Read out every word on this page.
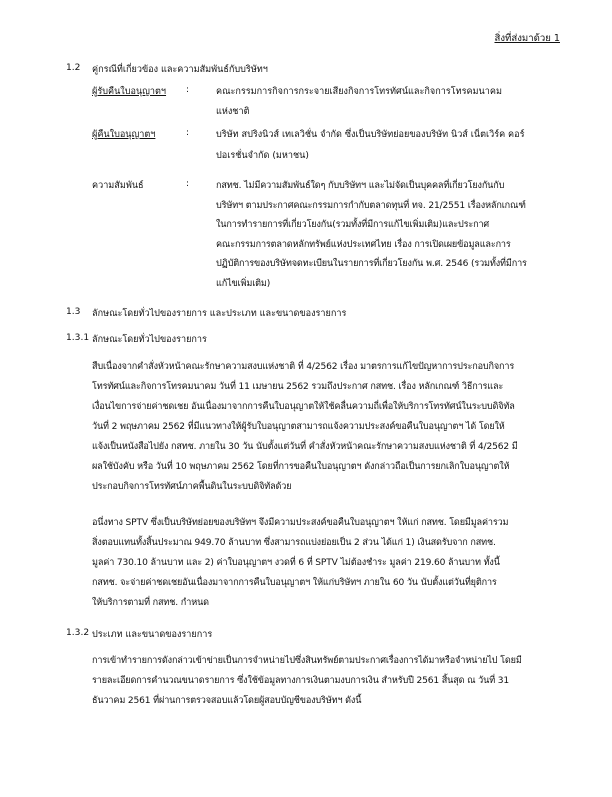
สิ่งที่ส่งมาด้วย 1
1.2 คู่กรณีที่เกี่ยวข้อง และความสัมพันธ์กับบริษัทฯ
ผู้รับคืนใบอนุญาตฯ :	คณะกรรมการกิจการกระจายเสียงกิจการโทรทัศน์และกิจการโทรคมนาคม
แห่งชาติ
ผู้คืนใบอนุญาตฯ	:	บริษัท สปริงนิวส์ เทเลวิชั่น จำกัด ซึ่งเป็นบริษัทย่อยของบริษัท นิวส์ เน็ตเวิร์ค คอร์
ปอเรชั่นจำกัด (มหาชน)
ความสัมพันธ์	:	กสทช. ไม่มีความสัมพันธ์ใดๆ กับบริษัทฯ และไม่จัดเป็นบุคคลที่เกี่ยวโยงกันกับ
บริษัทฯ ตามประกาศคณะกรรมการกำกับตลาดทุนที่ ทจ. 21/2551 เรื่องหลักเกณฑ์
ในการทำรายการที่เกี่ยวโยงกัน(รวมทั้งที่มีการแก้ไขเพิ่มเติม)และประกาศ
คณะกรรมการตลาดหลักทรัพย์แห่งประเทศไทย เรื่อง การเปิดเผยข้อมูลและการ
ปฏิบัติการของบริษัทจดทะเบียนในรายการที่เกี่ยวโยงกัน พ.ศ. 2546 (รวมทั้งที่มีการ
แก้ไขเพิ่มเติม)
1.3 ลักษณะโดยทั่วไปของรายการ และประเภท และขนาดของรายการ
1.3.1 ลักษณะโดยทั่วไปของรายการ
สืบเนื่องจากคำสั่งหัวหน้าคณะรักษาความสงบแห่งชาติ ที่ 4/2562 เรื่อง มาตรการแก้ไขปัญหาการประกอบกิจการ
โทรทัศน์และกิจการโทรคมนาคม วันที่ 11 เมษายน 2562 รวมถึงประกาศ กสทช. เรื่อง หลักเกณฑ์ วิธีการและ
เงื่อนไขการจ่ายค่าชดเชย อันเนื่องมาจากการคืนใบอนุญาตให้ใช้คลื่นความถี่เพื่อให้บริการโทรทัศน์ในระบบดิจิทัล
วันที่ 2 พฤษภาคม 2562 ที่มีแนวทางให้ผู้รับใบอนุญาตสามารถแจ้งความประสงค์ขอคืนใบอนุญาตฯ ได้ โดยให้
แจ้งเป็นหนังสือไปยัง กสทช. ภายใน 30 วัน นับตั้งแต่วันที่ คำสั่งหัวหน้าคณะรักษาความสงบแห่งชาติ ที่ 4/2562 มี
ผลใช้บังคับ หรือ วันที่ 10 พฤษภาคม 2562 โดยที่การขอคืนใบอนุญาตฯ ดังกล่าวถือเป็นการยกเลิกใบอนุญาตให้
ประกอบกิจการโทรทัศน์ภาคพื้นดินในระบบดิจิทัลด้วย
อนึ่งทาง SPTV ซึ่งเป็นบริษัทย่อยของบริษัทฯ จึงมีความประสงค์ขอคืนใบอนุญาตฯ ให้แก่ กสทช. โดยมีมูลค่ารวม
สิ่งตอบแทนทั้งสิ้นประมาณ 949.70 ล้านบาท ซึ่งสามารถแบ่งย่อยเป็น 2 ส่วน ได้แก่ 1) เงินสดรับจาก กสทช.
มูลค่า 730.10 ล้านบาท และ 2) ค่าใบอนุญาตฯ งวดที่ 6 ที่ SPTV ไม่ต้องชำระ มูลค่า 219.60 ล้านบาท ทั้งนี้
กสทช. จะจ่ายค่าชดเชยอันเนื่องมาจากการคืนใบอนุญาตฯ ให้แก่บริษัทฯ ภายใน 60 วัน นับตั้งแต่วันที่ยุติการ
ให้บริการตามที่ กสทช. กำหนด
1.3.2 ประเภท และขนาดของรายการ
การเข้าทำรายการดังกล่าวเข้าข่ายเป็นการจำหน่ายไปซึ่งสินทรัพย์ตามประกาศเรื่องการได้มาหรือจำหน่ายไป โดยมี
รายละเอียดการคำนวณขนาดรายการ ซึ่งใช้ข้อมูลทางการเงินตามงบการเงิน สำหรับปี 2561 สิ้นสุด ณ วันที่ 31
ธันวาคม 2561 ที่ผ่านการตรวจสอบแล้วโดยผู้สอบบัญชีของบริษัทฯ ดังนี้
